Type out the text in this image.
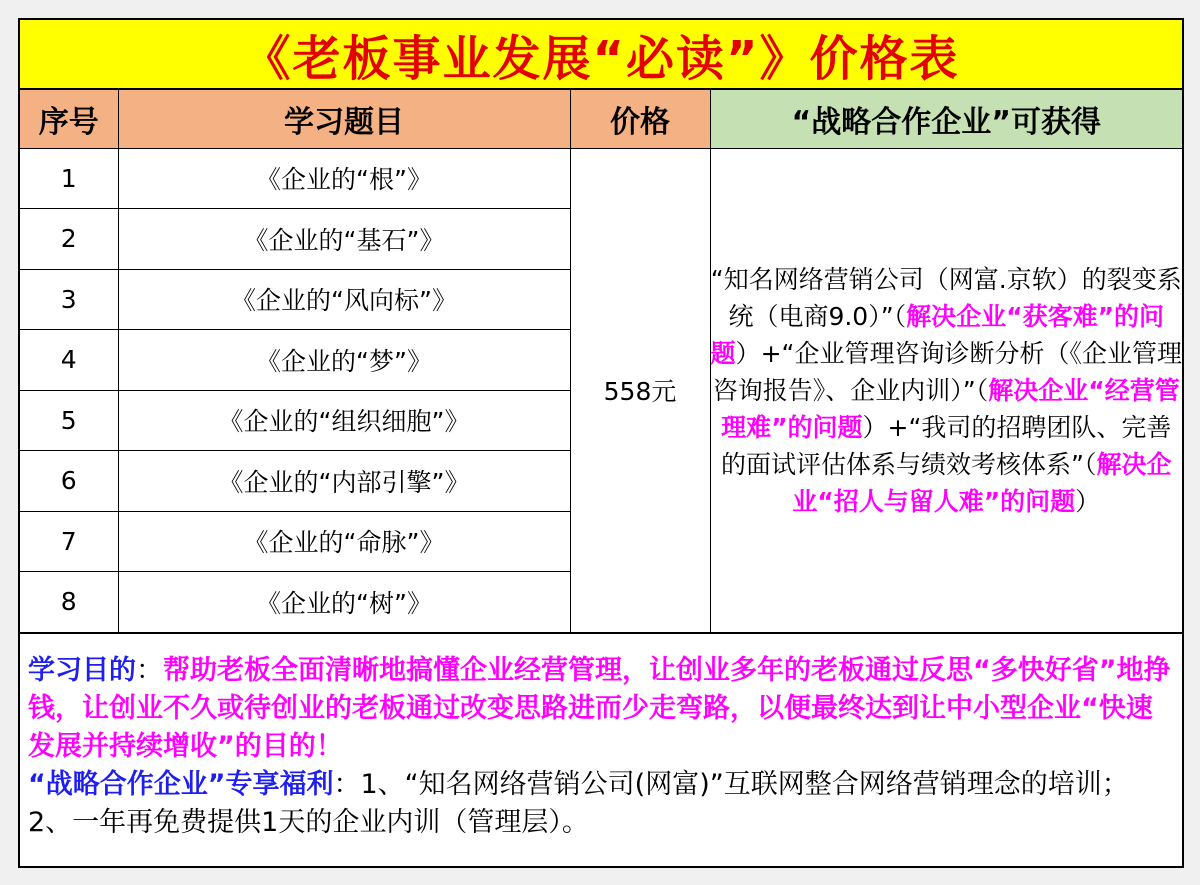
《老板事业发展“必读”》价格表
序号	学习题目	价格	“战略合作企业”可获得
1	《企业的“根”》	558元	“知名网络营销公司（网富.京软）的裂变系统（电商9.0）”（解决企业“获客难”的问题）+“企业管理咨询诊断分析（《企业管理咨询报告》、企业内训）”（解决企业“经营管理难”的问题）+“我司的招聘团队、完善的面试评估体系与绩效考核体系”（解决企业“招人与留人难”的问题）
2	《企业的“基石”》		
3	《企业的“风向标”》		
4	《企业的“梦”》		
5	《企业的“组织细胞”》		
6	《企业的“内部引擎”》		
7	《企业的“命脉”》		
8	《企业的“树”》		

学习目的：帮助老板全面清晰地搞懂企业经营管理，让创业多年的老板通过反思“多快好省”地挣钱，让创业不久或待创业的老板通过改变思路进而少走弯路，以便最终达到让中小型企业“快速发展并持续增收”的目的！

“战略合作企业”专享福利：1、“知名网络营销公司(网富)”互联网整合网络营销理念的培训；2、一年再免费提供1天的企业内训（管理层）。
